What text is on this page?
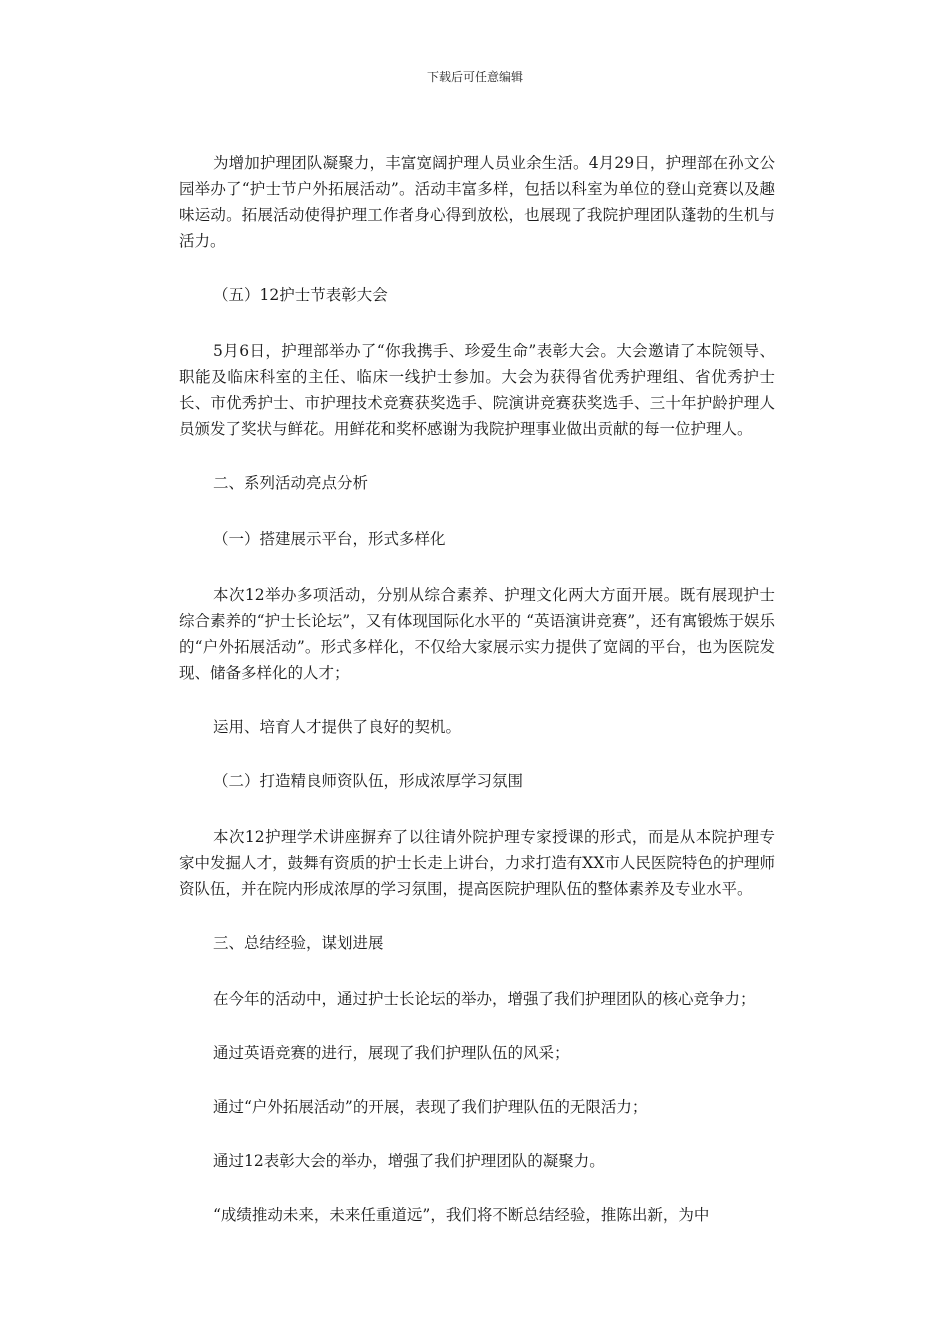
下载后可任意编辑

为增加护理团队凝聚力，丰富宽阔护理人员业余生活。4月29日，护理部在孙文公园举办了“护士节户外拓展活动”。活动丰富多样，包括以科室为单位的登山竞赛以及趣味运动。拓展活动使得护理工作者身心得到放松，也展现了我院护理团队蓬勃的生机与活力。

（五）12护士节表彰大会

5月6日，护理部举办了“你我携手、珍爱生命”表彰大会。大会邀请了本院领导、职能及临床科室的主任、临床一线护士参加。大会为获得省优秀护理组、省优秀护士长、市优秀护士、市护理技术竞赛获奖选手、院演讲竞赛获奖选手、三十年护龄护理人员颁发了奖状与鲜花。用鲜花和奖杯感谢为我院护理事业做出贡献的每一位护理人。

二、系列活动亮点分析

（一）搭建展示平台，形式多样化

本次12举办多项活动，分别从综合素养、护理文化两大方面开展。既有展现护士综合素养的“护士长论坛”，又有体现国际化水平的 “英语演讲竞赛”，还有寓锻炼于娱乐的“户外拓展活动”。形式多样化，不仅给大家展示实力提供了宽阔的平台，也为医院发现、储备多样化的人才；

运用、培育人才提供了良好的契机。

（二）打造精良师资队伍，形成浓厚学习氛围

本次12护理学术讲座摒弃了以往请外院护理专家授课的形式，而是从本院护理专家中发掘人才，鼓舞有资质的护士长走上讲台，力求打造有XX市人民医院特色的护理师资队伍，并在院内形成浓厚的学习氛围，提高医院护理队伍的整体素养及专业水平。

三、总结经验，谋划进展

在今年的活动中，通过护士长论坛的举办，增强了我们护理团队的核心竞争力；

通过英语竞赛的进行，展现了我们护理队伍的风采；

通过“户外拓展活动”的开展，表现了我们护理队伍的无限活力；

通过12表彰大会的举办，增强了我们护理团队的凝聚力。

“成绩推动未来，未来任重道远”，我们将不断总结经验，推陈出新，为中
